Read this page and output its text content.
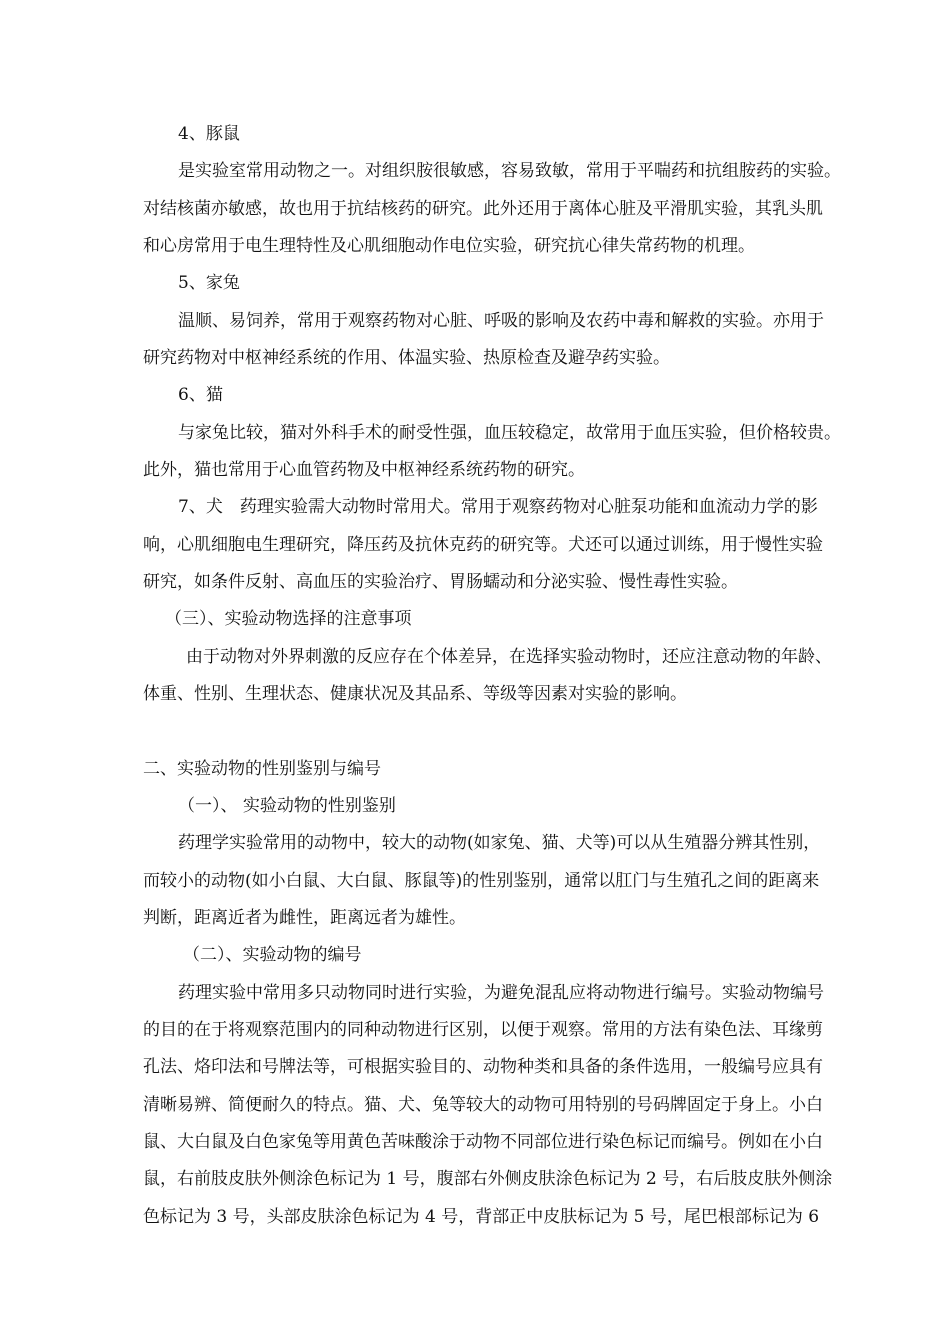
4、豚鼠
是实验室常用动物之一。对组织胺很敏感，容易致敏，常用于平喘药和抗组胺药的实验。
对结核菌亦敏感，故也用于抗结核药的研究。此外还用于离体心脏及平滑肌实验，其乳头肌
和心房常用于电生理特性及心肌细胞动作电位实验，研究抗心律失常药物的机理。
5、家兔
温顺、易饲养，常用于观察药物对心脏、呼吸的影响及农药中毒和解救的实验。亦用于
研究药物对中枢神经系统的作用、体温实验、热原检查及避孕药实验。
6、猫
与家兔比较，猫对外科手术的耐受性强，血压较稳定，故常用于血压实验，但价格较贵。
此外，猫也常用于心血管药物及中枢神经系统药物的研究。
7、犬　药理实验需大动物时常用犬。常用于观察药物对心脏泵功能和血流动力学的影
响，心肌细胞电生理研究，降压药及抗休克药的研究等。犬还可以通过训练，用于慢性实验
研究，如条件反射、高血压的实验治疗、胃肠蠕动和分泌实验、慢性毒性实验。
（三）、实验动物选择的注意事项
由于动物对外界刺激的反应存在个体差异，在选择实验动物时，还应注意动物的年龄、
体重、性别、生理状态、健康状况及其品系、等级等因素对实验的影响。
二、实验动物的性别鉴别与编号
（一）、 实验动物的性别鉴别
药理学实验常用的动物中，较大的动物(如家兔、猫、犬等)可以从生殖器分辨其性别，
而较小的动物(如小白鼠、大白鼠、豚鼠等)的性别鉴别，通常以肛门与生殖孔之间的距离来
判断，距离近者为雌性，距离远者为雄性。
（二）、实验动物的编号
药理实验中常用多只动物同时进行实验，为避免混乱应将动物进行编号。实验动物编号
的目的在于将观察范围内的同种动物进行区别，以便于观察。常用的方法有染色法、耳缘剪
孔法、烙印法和号牌法等，可根据实验目的、动物种类和具备的条件选用，一般编号应具有
清晰易辨、简便耐久的特点。猫、犬、兔等较大的动物可用特别的号码牌固定于身上。小白
鼠、大白鼠及白色家兔等用黄色苦味酸涂于动物不同部位进行染色标记而编号。例如在小白
鼠，右前肢皮肤外侧涂色标记为 1 号，腹部右外侧皮肤涂色标记为 2 号，右后肢皮肤外侧涂
色标记为 3 号，头部皮肤涂色标记为 4 号，背部正中皮肤标记为 5 号，尾巴根部标记为 6
